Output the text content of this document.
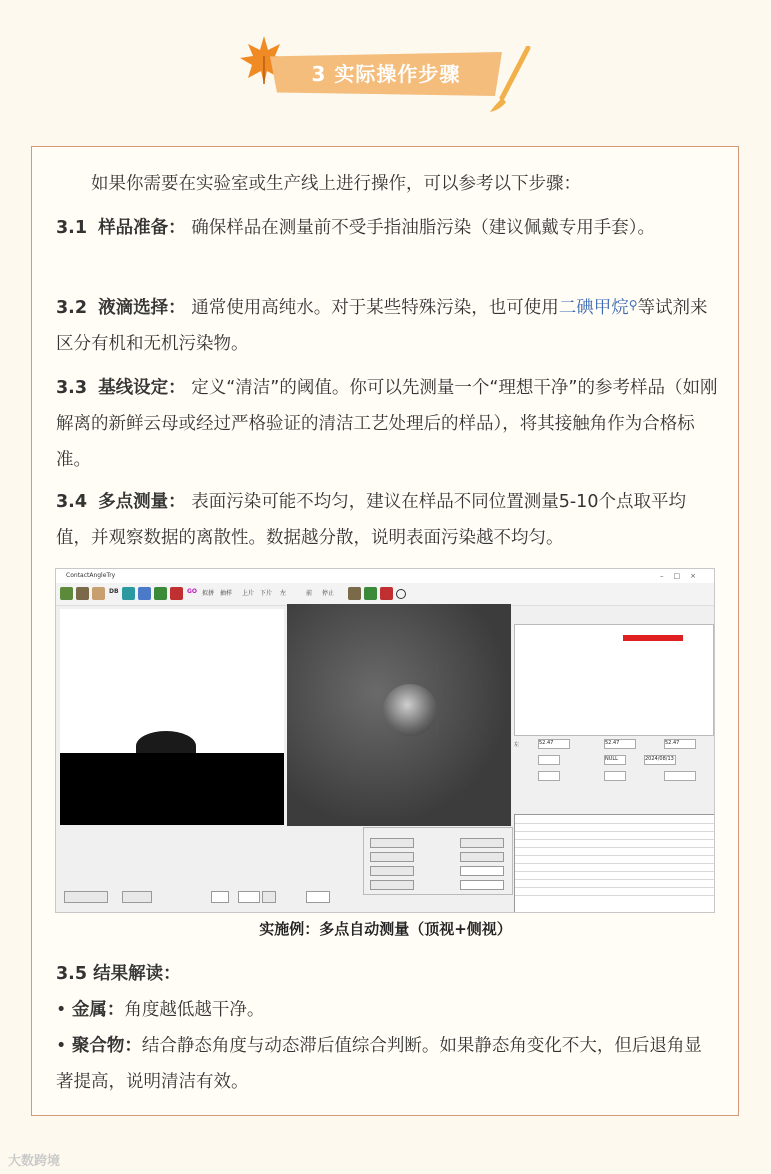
3 实际操作步骤
如果你需要在实验室或生产线上进行操作，可以参考以下步骤：
3.1 样品准备： 确保样品在测量前不受手指油脂污染（建议佩戴专用手套）。
3.2 液滴选择： 通常使用高纯水。对于某些特殊污染，也可使用二碘甲烷⚲等试剂来区分有机和无机污染物。
3.3 基线设定： 定义“清洁”的阈值。你可以先测量一个“理想干净”的参考样品（如刚解离的新鲜云母或经过严格验证的清洁工艺处理后的样品），将其接触角作为合格标准。
3.4 多点测量： 表面污染可能不均匀，建议在样品不同位置测量5-10个点取平均值，并观察数据的离散性。数据越分散，说明表面污染越不均匀。
ContactAngleTry	–□×
DB	GO 拟拼 抽样 上片 下片 左	前 停止
左	52.47	52.47	52.47
NULL	2024/08/13
实施例：多点自动测量（顶视+侧视）
3.5 结果解读：
• 金属：角度越低越干净。
• 聚合物：结合静态角度与动态滞后值综合判断。如果静态角变化不大，但后退角显著提高，说明清洁有效。
大数跨境
